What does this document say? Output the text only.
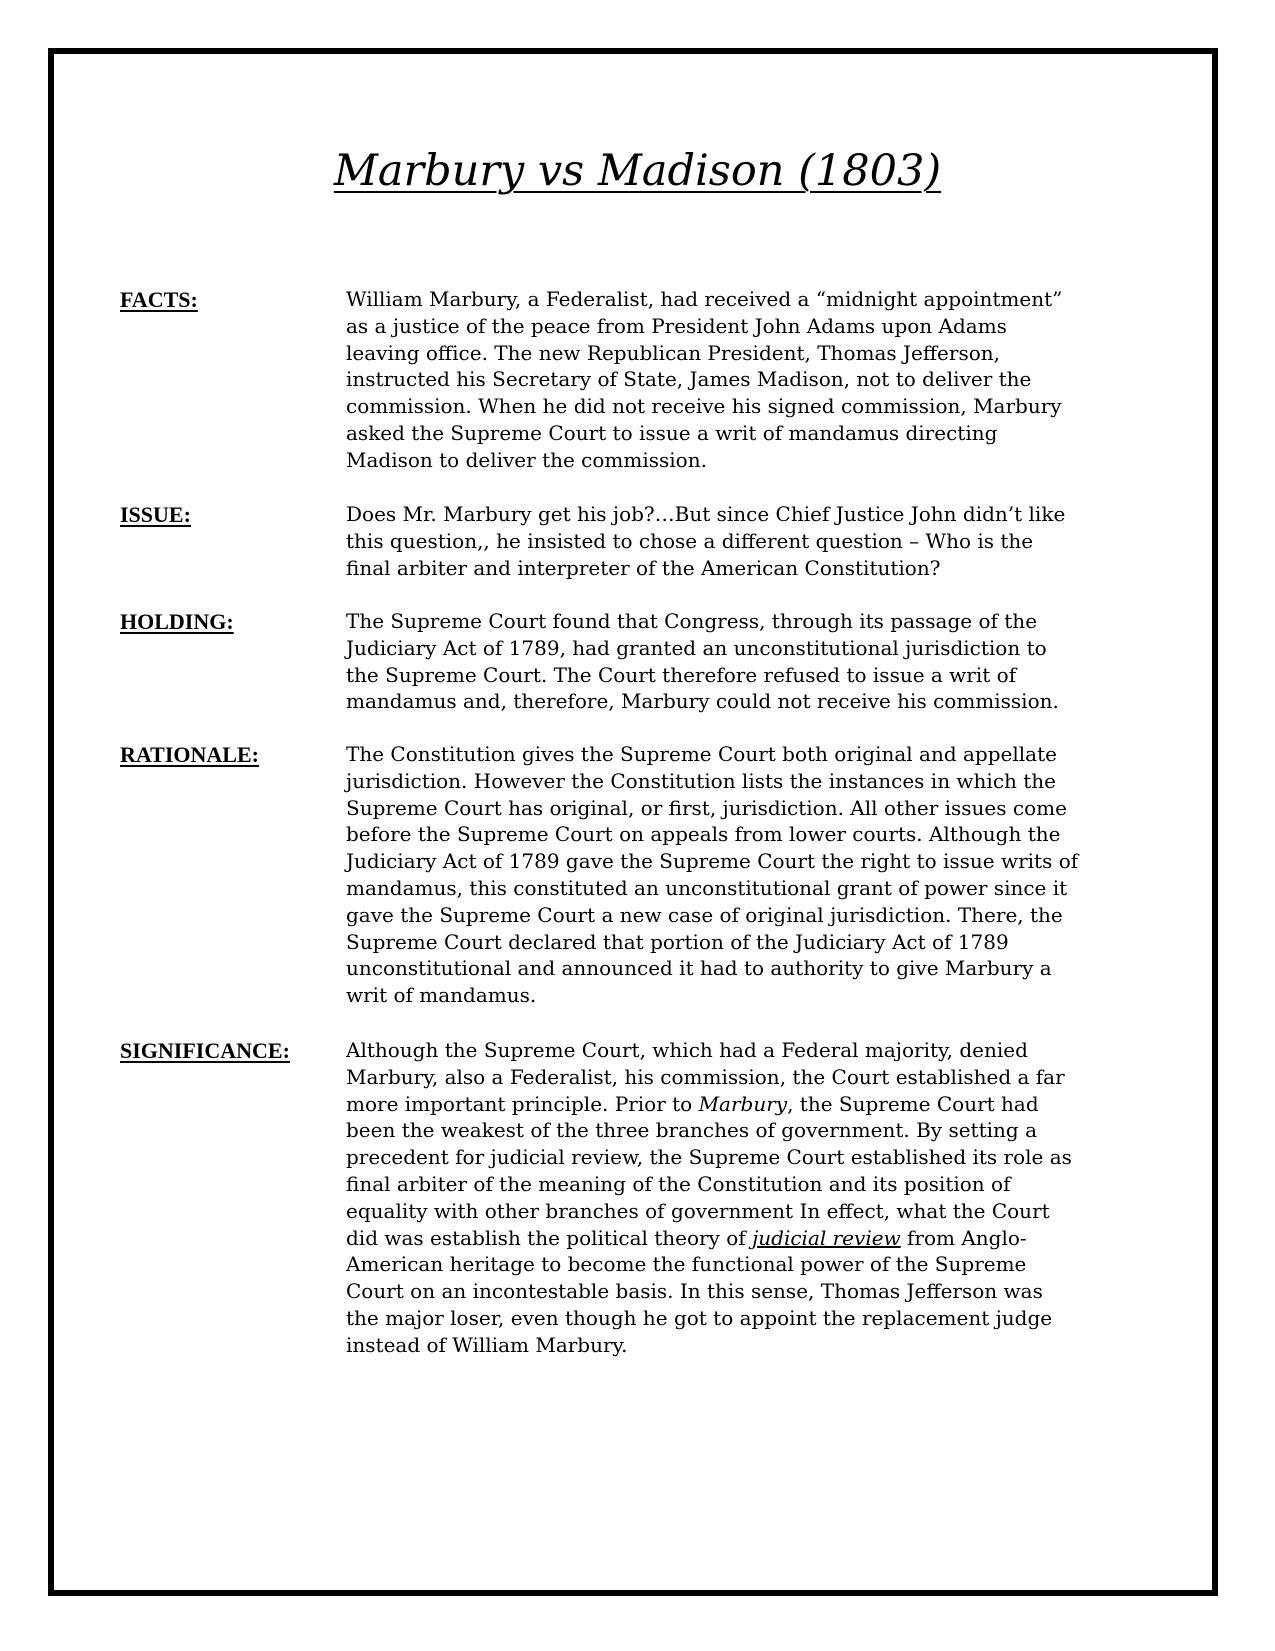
Marbury vs Madison (1803)
FACTS:	William Marbury, a Federalist, had received a “midnight appointment”
as a justice of the peace from President John Adams upon Adams
leaving office. The new Republican President, Thomas Jefferson,
instructed his Secretary of State, James Madison, not to deliver the
commission. When he did not receive his signed commission, Marbury
asked the Supreme Court to issue a writ of mandamus directing
Madison to deliver the commission.
ISSUE:	Does Mr. Marbury get his job?…But since Chief Justice John didn’t like
this question,, he insisted to chose a different question – Who is the
final arbiter and interpreter of the American Constitution?
HOLDING:	The Supreme Court found that Congress, through its passage of the
Judiciary Act of 1789, had granted an unconstitutional jurisdiction to
the Supreme Court. The Court therefore refused to issue a writ of
mandamus and, therefore, Marbury could not receive his commission.
RATIONALE:	The Constitution gives the Supreme Court both original and appellate
jurisdiction. However the Constitution lists the instances in which the
Supreme Court has original, or first, jurisdiction. All other issues come
before the Supreme Court on appeals from lower courts. Although the
Judiciary Act of 1789 gave the Supreme Court the right to issue writs of
mandamus, this constituted an unconstitutional grant of power since it
gave the Supreme Court a new case of original jurisdiction. There, the
Supreme Court declared that portion of the Judiciary Act of 1789
unconstitutional and announced it had to authority to give Marbury a
writ of mandamus.
SIGNIFICANCE:	Although the Supreme Court, which had a Federal majority, denied
Marbury, also a Federalist, his commission, the Court established a far
more important principle. Prior to Marbury, the Supreme Court had
been the weakest of the three branches of government. By setting a
precedent for judicial review, the Supreme Court established its role as
final arbiter of the meaning of the Constitution and its position of
equality with other branches of government In effect, what the Court
did was establish the political theory of judicial review from Anglo-
American heritage to become the functional power of the Supreme
Court on an incontestable basis. In this sense, Thomas Jefferson was
the major loser, even though he got to appoint the replacement judge
instead of William Marbury.
